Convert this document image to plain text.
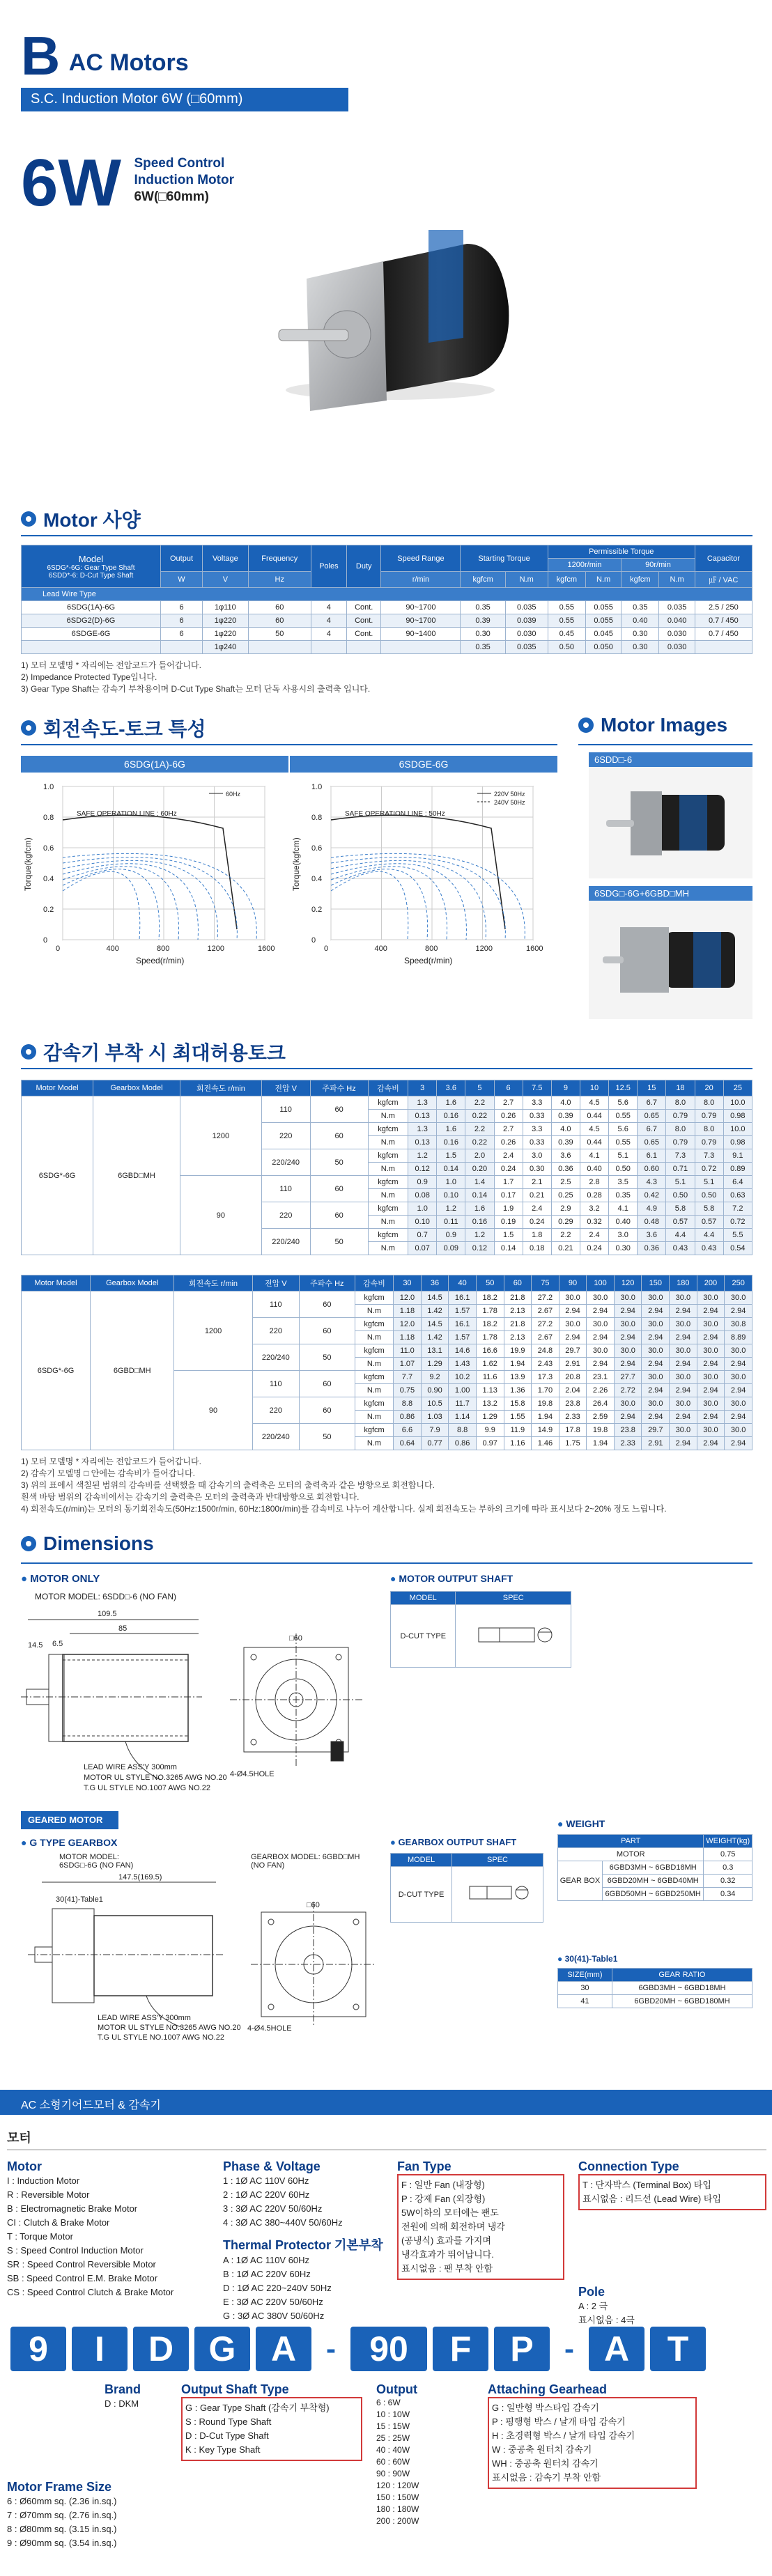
B AC Motors
S.C. Induction Motor 6W (□60mm)
6W Speed Control
Induction Motor
6W(□60mm)
Motor 사양
Model
6SDG*-6G: Gear Type Shaft
6SDD*-6: D-Cut Type Shaft	Output	Voltage	Frequency	Poles	Duty	Speed Range	Starting Torque		Permissible Torque				Capacitor
									1200r/min		90r/min		
	W	V	Hz			r/min	kgfcm	N.m	kgfcm	N.m	kgfcm	N.m	㎌ / VAC
Lead Wire Type													
6SDG(1A)-6G	6	1φ110	60	4	Cont.	90~1700	0.35	0.035	0.55	0.055	0.35	0.035	2.5 / 250
6SDG2(D)-6G	6	1φ220	60	4	Cont.	90~1700	0.39	0.039	0.55	0.055	0.40	0.040	0.7 / 450
6SDGE-6G	6	1φ220	50	4	Cont.	90~1400	0.30	0.030	0.45	0.045	0.30	0.030	0.7 / 450
		1φ240					0.35	0.035	0.50	0.050	0.30	0.030	
1) 모터 모델명 * 자리에는 전압코드가 들어갑니다.
2) Impedance Protected Type입니다.
3) Gear Type Shaft는 감속기 부착용이며 D-Cut Type Shaft는 모터 단독 사용시의 출력축 입니다.
회전속도-토크 특성
6SDG(1A)-6G	6SDGE-6G
0	400	800	1200	1600
0
0.2
0.4
0.6
0.8
1.0
Speed(r/min)
Torque(kgfcm)
SAFE OPERATION LINE : 60Hz
60Hz
0	400	800	1200	1600
0
0.2
0.4
0.6
0.8
1.0
Speed(r/min)
Torque(kgfcm)
SAFE OPERATION LINE : 50Hz
220V 50Hz
240V 50Hz
Motor Images
6SDD□-6
6SDG□-6G+6GBD□MH
감속기 부착 시 최대허용토크
Motor Model	Gearbox Model	회전속도 r/min	전압 V	주파수 Hz	감속비	3	3.6	5	6	7.5	9	10	12.5	15	18	20	25
6SDG*-6G	6GBD□MH	1200	110	60	kgfcm	1.3	1.6	2.2	2.7	3.3	4.0	4.5	5.6	6.7	8.0	8.0	10.0
					N.m	0.13	0.16	0.22	0.26	0.33	0.39	0.44	0.55	0.65	0.79	0.79	0.98
			220	60	kgfcm	1.3	1.6	2.2	2.7	3.3	4.0	4.5	5.6	6.7	8.0	8.0	10.0
					N.m	0.13	0.16	0.22	0.26	0.33	0.39	0.44	0.55	0.65	0.79	0.79	0.98
			220/240	50	kgfcm	1.2	1.5	2.0	2.4	3.0	3.6	4.1	5.1	6.1	7.3	7.3	9.1
					N.m	0.12	0.14	0.20	0.24	0.30	0.36	0.40	0.50	0.60	0.71	0.72	0.89
		90	110	60	kgfcm	0.9	1.0	1.4	1.7	2.1	2.5	2.8	3.5	4.3	5.1	5.1	6.4
					N.m	0.08	0.10	0.14	0.17	0.21	0.25	0.28	0.35	0.42	0.50	0.50	0.63
			220	60	kgfcm	1.0	1.2	1.6	1.9	2.4	2.9	3.2	4.1	4.9	5.8	5.8	7.2
					N.m	0.10	0.11	0.16	0.19	0.24	0.29	0.32	0.40	0.48	0.57	0.57	0.72
			220/240	50	kgfcm	0.7	0.9	1.2	1.5	1.8	2.2	2.4	3.0	3.6	4.4	4.4	5.5
					N.m	0.07	0.09	0.12	0.14	0.18	0.21	0.24	0.30	0.36	0.43	0.43	0.54
Motor Model	Gearbox Model	회전속도 r/min	전압 V	주파수 Hz	감속비	30	36	40	50	60	75	90	100	120	150	180	200	250
6SDG*-6G	6GBD□MH	1200	110	60	kgfcm	12.0	14.5	16.1	18.2	21.8	27.2	30.0	30.0	30.0	30.0	30.0	30.0	30.0
					N.m	1.18	1.42	1.57	1.78	2.13	2.67	2.94	2.94	2.94	2.94	2.94	2.94	2.94
			220	60	kgfcm	12.0	14.5	16.1	18.2	21.8	27.2	30.0	30.0	30.0	30.0	30.0	30.0	30.8
					N.m	1.18	1.42	1.57	1.78	2.13	2.67	2.94	2.94	2.94	2.94	2.94	2.94	8.89
			220/240	50	kgfcm	11.0	13.1	14.6	16.6	19.9	24.8	29.7	30.0	30.0	30.0	30.0	30.0	30.0
					N.m	1.07	1.29	1.43	1.62	1.94	2.43	2.91	2.94	2.94	2.94	2.94	2.94	2.94
		90	110	60	kgfcm	7.7	9.2	10.2	11.6	13.9	17.3	20.8	23.1	27.7	30.0	30.0	30.0	30.0
					N.m	0.75	0.90	1.00	1.13	1.36	1.70	2.04	2.26	2.72	2.94	2.94	2.94	2.94
			220	60	kgfcm	8.8	10.5	11.7	13.2	15.8	19.8	23.8	26.4	30.0	30.0	30.0	30.0	30.0
					N.m	0.86	1.03	1.14	1.29	1.55	1.94	2.33	2.59	2.94	2.94	2.94	2.94	2.94
			220/240	50	kgfcm	6.6	7.9	8.8	9.9	11.9	14.9	17.8	19.8	23.8	29.7	30.0	30.0	30.0
					N.m	0.64	0.77	0.86	0.97	1.16	1.46	1.75	1.94	2.33	2.91	2.94	2.94	2.94
1) 모터 모델명 * 자리에는 전압코드가 들어갑니다.
2) 감속기 모델명 □ 안에는 감속비가 들어갑니다.
3) 위의 표에서 색칠된 범위의 감속비를 선택했을 때 감속기의 출력축은 모터의 출력축과 같은 방향으로 회전합니다.
흰색 바탕 범위의 감속비에서는 감속기의 출력축은 모터의 출력축과 반대방향으로 회전합니다.
4) 회전속도(r/min)는 모터의 동기회전속도(50Hz:1500r/min, 60Hz:1800r/min)를 감속비로 나누어 계산합니다. 실제 회전속도는 부하의 크기에 따라 표시보다 2~20% 정도 느립니다.
Dimensions
● MOTOR ONLY
MOTOR MODEL: 6SDD□-6 (NO FAN)
109.5
85
6.5
14.5
□60
4-Ø4.5HOLE
LEAD WIRE ASS'Y 300mm
MOTOR UL STYLE NO.3265 AWG NO.20
T.G UL STYLE NO.1007 AWG NO.22
● MOTOR OUTPUT SHAFT
MODEL	SPEC
D-CUT TYPE	
GEARED MOTOR
● G TYPE GEARBOX
MOTOR MODEL: 6SDG□-6G (NO FAN)
GEARBOX MODEL: 6GBD□MH (NO FAN)
147.5(169.5)
30(41)-Table1
□60
4-Ø4.5HOLE
LEAD WIRE ASS'Y 300mm
MOTOR UL STYLE NO.3265 AWG NO.20
T.G UL STYLE NO.1007 AWG NO.22
● GEARBOX OUTPUT SHAFT
MODEL	SPEC
D-CUT TYPE	
● WEIGHT
PART		WEIGHT(kg)
MOTOR		0.75
GEAR BOX	6GBD3MH ~ 6GBD18MH	0.3
	6GBD20MH ~ 6GBD40MH	0.32
	6GBD50MH ~ 6GBD250MH	0.34
● 30(41)-Table1
SIZE(mm)	GEAR RATIO
30	6GBD3MH ~ 6GBD18MH
41	6GBD20MH ~ 6GBD180MH
AC 소형기어드모터 & 감속기
모터
Motor
I : Induction Motor
R : Reversible Motor
B : Electromagnetic Brake Motor
CI : Clutch & Brake Motor
T : Torque Motor
S : Speed Control Induction Motor
SR : Speed Control Reversible Motor
SB : Speed Control E.M. Brake Motor
CS : Speed Control Clutch & Brake Motor
Phase & Voltage
1 : 1Ø AC 110V 60Hz
2 : 1Ø AC 220V 60Hz
3 : 3Ø AC 220V 50/60Hz
4 : 3Ø AC 380~440V 50/60Hz
Thermal Protector 기본부착
A : 1Ø AC 110V 60Hz
B : 1Ø AC 220V 60Hz
D : 1Ø AC 220~240V 50Hz
E : 3Ø AC 220V 50/60Hz
G : 3Ø AC 380V 50/60Hz
Fan Type
F : 일반 Fan (내장형)
P : 강제 Fan (외장형)
5W이하의 모터에는 팬도
전원에 의해 회전하며 냉각
(공냉식) 효과를 가지며
냉각효과가 뛰어납니다.
표시없음 : 팬 부착 안함
Connection Type
T : 단자박스 (Terminal Box) 타입
표시없음 : 리드선 (Lead Wire) 타입
Pole
A : 2 극
표시없음 : 4극
9	I	D	G	A	- 90	F	P	- A	T
Brand
D : DKM
Output Shaft Type
G : Gear Type Shaft (감속기 부착형)
S : Round Type Shaft
D : D-Cut Type Shaft
K : Key Type Shaft
Output
6 : 6W
10 : 10W
15 : 15W
25 : 25W
40 : 40W
60 : 60W
90 : 90W
120 : 120W
150 : 150W
180 : 180W
200 : 200W
Attaching Gearhead
G : 일반형 박스타입 감속기
P : 평행형 박스 / 날개 타입 감속기
H : 초경력형 박스 / 날개 타입 감속기
W : 중공축 원터치 감속기
WH : 중공축 원터치 감속기
표시없음 : 감속기 부착 안함
Motor Frame Size
6 : Ø60mm sq. (2.36 in.sq.)
7 : Ø70mm sq. (2.76 in.sq.)
8 : Ø80mm sq. (3.15 in.sq.)
9 : Ø90mm sq. (3.54 in.sq.)
